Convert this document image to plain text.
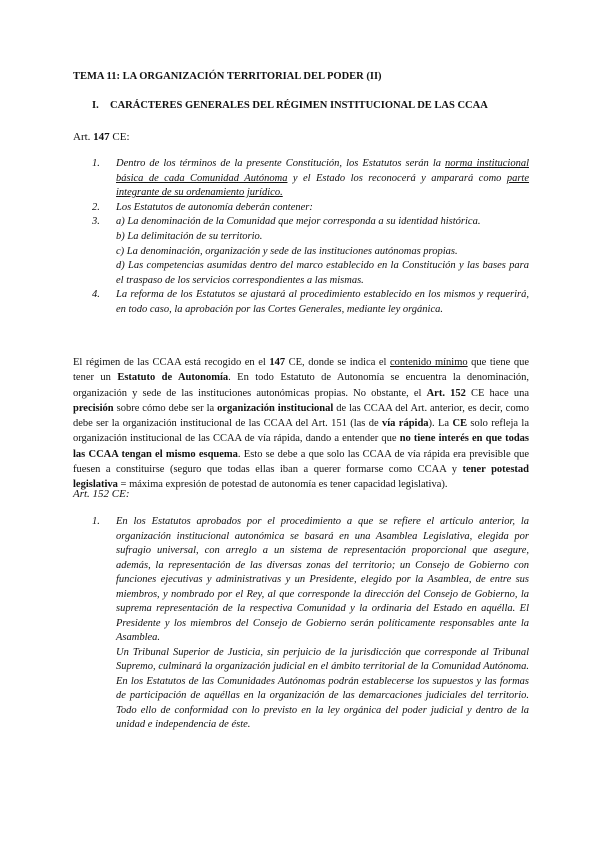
TEMA 11: LA ORGANIZACIÓN TERRITORIAL DEL PODER (II)
I. CARÁCTERES GENERALES DEL RÉGIMEN INSTITUCIONAL DE LAS CCAA
Art. 147 CE:
1. Dentro de los términos de la presente Constitución, los Estatutos serán la norma institucional básica de cada Comunidad Autónoma y el Estado los reconocerá y amparará como parte integrante de su ordenamiento jurídico.

2. Los Estatutos de autonomía deberán contener:

3. a) La denominación de la Comunidad que mejor corresponda a su identidad histórica.

b) La delimitación de su territorio.

c) La denominación, organización y sede de las instituciones autónomas propias.

d) Las competencias asumidas dentro del marco establecido en la Constitución y las bases para el traspaso de los servicios correspondientes a las mismas.

4. La reforma de los Estatutos se ajustará al procedimiento establecido en los mismos y requerirá, en todo caso, la aprobación por las Cortes Generales, mediante ley orgánica.

El régimen de las CCAA está recogido en el 147 CE, donde se indica el contenido mínimo que tiene que tener un Estatuto de Autonomía. En todo Estatuto de Autonomía se encuentra la denominación, organización y sede de las instituciones autonómicas propias. No obstante, el Art. 152 CE hace una precisión sobre cómo debe ser la organización institucional de las CCAA del Art. anterior, es decir, como debe ser la organización institucional de las CCAA del Art. 151 (las de vía rápida). La CE solo refleja la organización institucional de las CCAA de vía rápida, dando a entender que no tiene interés en que todas las CCAA tengan el mismo esquema. Esto se debe a que solo las CCAA de vía rápida era previsible que fuesen a constituirse (seguro que todas ellas iban a querer formarse como CCAA y tener potestad legislativa = máxima expresión de potestad de autonomía es tener capacidad legislativa).

Art. 152 CE:
1. En los Estatutos aprobados por el procedimiento a que se refiere el artículo anterior, la organización institucional autonómica se basará en una Asamblea Legislativa, elegida por sufragio universal, con arreglo a un sistema de representación proporcional que asegure, además, la representación de las diversas zonas del territorio; un Consejo de Gobierno con funciones ejecutivas y administrativas y un Presidente, elegido por la Asamblea, de entre sus miembros, y nombrado por el Rey, al que corresponde la dirección del Consejo de Gobierno, la suprema representación de la respectiva Comunidad y la ordinaria del Estado en aquélla. El Presidente y los miembros del Consejo de Gobierno serán políticamente responsables ante la Asamblea.

Un Tribunal Superior de Justicia, sin perjuicio de la jurisdicción que corresponde al Tribunal Supremo, culminará la organización judicial en el ámbito territorial de la Comunidad Autónoma. En los Estatutos de las Comunidades Autónomas podrán establecerse los supuestos y las formas de participación de aquéllas en la organización de las demarcaciones judiciales del territorio. Todo ello de conformidad con lo previsto en la ley orgánica del poder judicial y dentro de la unidad e independencia de éste.
